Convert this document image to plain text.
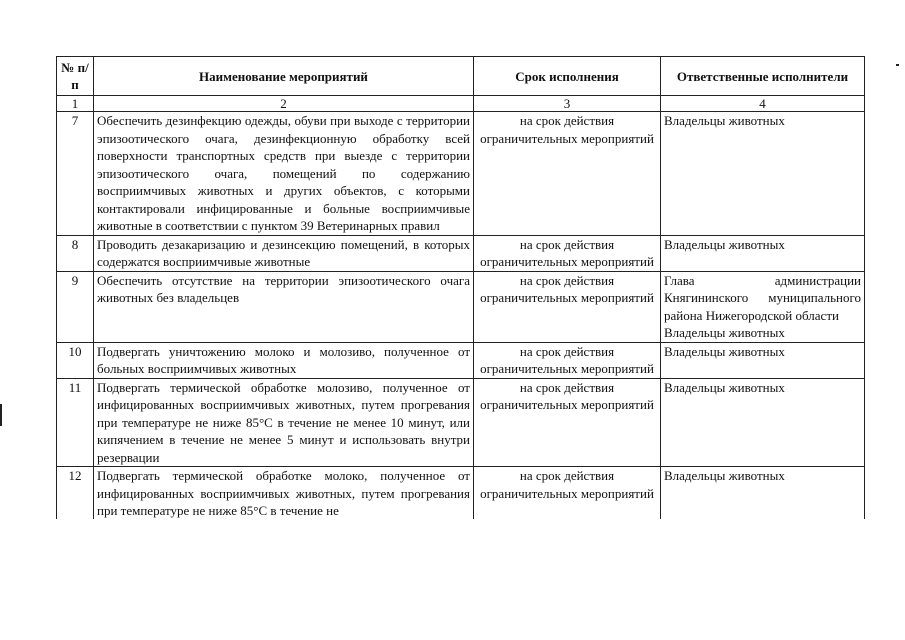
№ п/п	Наименование мероприятий	Срок исполнения	Ответственные исполнители
1	2	3	4
7	Обеспечить дезинфекцию одежды, обуви при выходе с территории эпизоотического очага, дезинфекционную обработку всей поверхности транспортных средств при выезде с территории эпизоотического очага, помещений по содержанию восприимчивых животных и других объектов, с которыми контактировали инфицированные и больные восприимчивые животные в соответствии с пунктом 39 Ветеринарных правил	на срок действия ограничительных мероприятий	Владельцы животных

8	Проводить дезакаризацию и дезинсекцию помещений, в которых содержатся восприимчивые животные	на срок действия ограничительных мероприятий	Владельцы животных

9	Обеспечить отсутствие на территории эпизоотического очага животных без владельцев	на срок действия ограничительных мероприятий	Глава администрации Княгининского муниципального района Нижегородской области
Владельцы животных

10	Подвергать уничтожению молоко и молозиво, полученное от больных восприимчивых животных	на срок действия ограничительных мероприятий	Владельцы животных

11	Подвергать термической обработке молозиво, полученное от инфицированных восприимчивых животных, путем прогревания при температуре не ниже 85°С в течение не менее 10 минут, или кипячением в течение не менее 5 минут и использовать внутри резервации	на срок действия ограничительных мероприятий	Владельцы животных

12	Подвергать термической обработке молоко, полученное от инфицированных восприимчивых животных, путем прогревания при температуре не ниже 85°С в течение не	на срок действия ограничительных мероприятий	Владельцы животных
